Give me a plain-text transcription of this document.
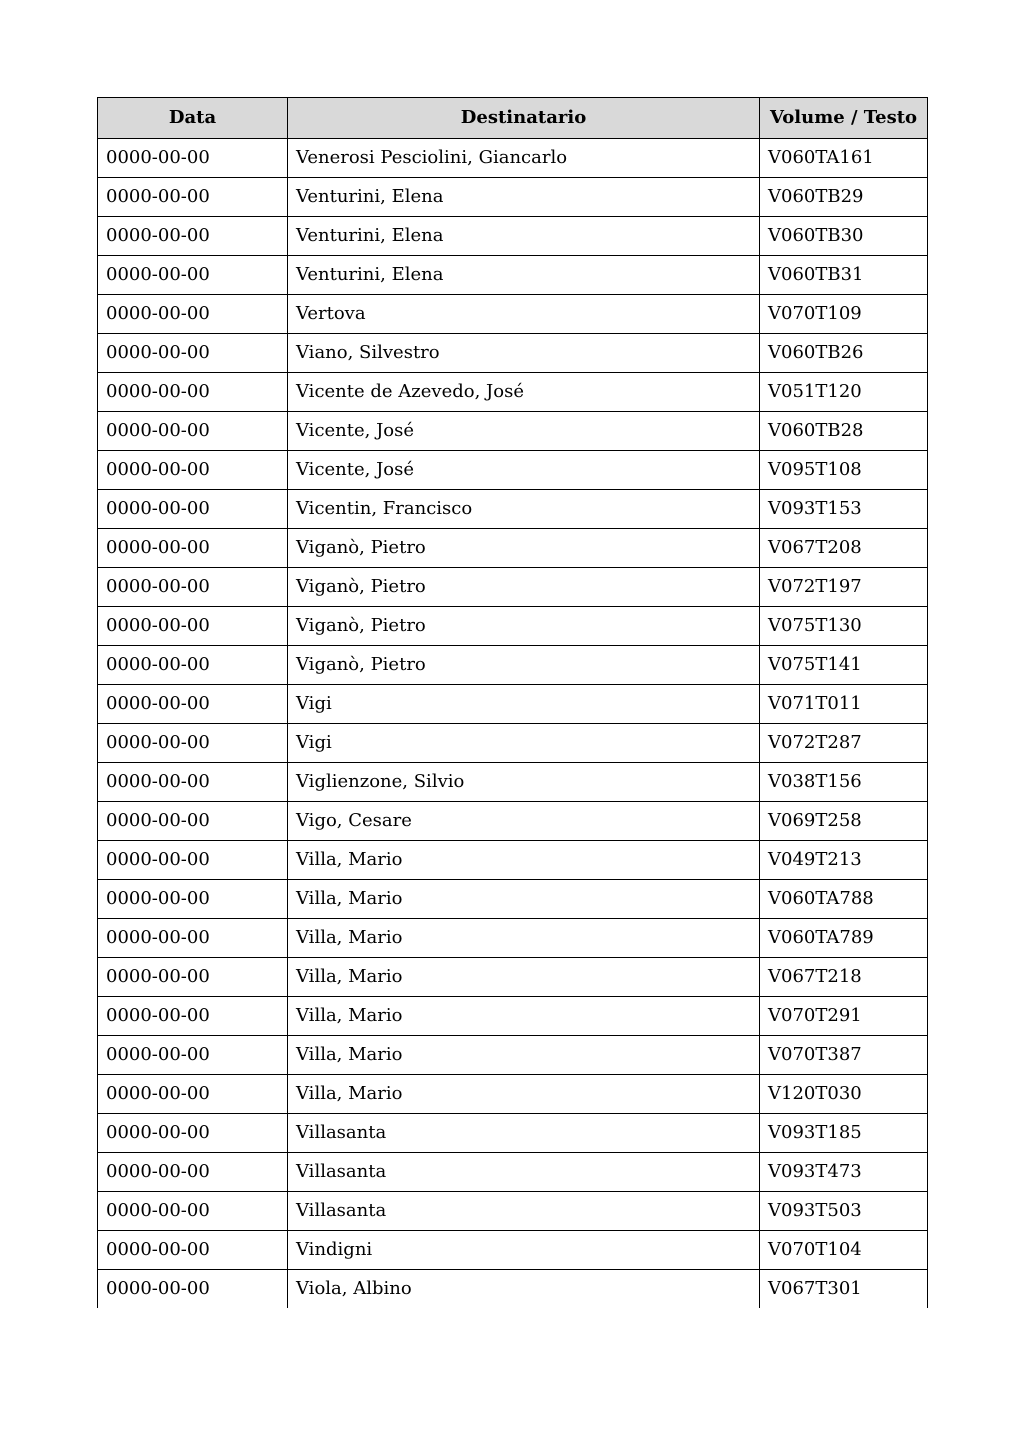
Data	Destinatario	Volume / Testo
0000-00-00	Venerosi Pesciolini, Giancarlo	V060TA161
0000-00-00	Venturini, Elena	V060TB29
0000-00-00	Venturini, Elena	V060TB30
0000-00-00	Venturini, Elena	V060TB31
0000-00-00	Vertova	V070T109
0000-00-00	Viano, Silvestro	V060TB26
0000-00-00	Vicente de Azevedo, José	V051T120
0000-00-00	Vicente, José	V060TB28
0000-00-00	Vicente, José	V095T108
0000-00-00	Vicentin, Francisco	V093T153
0000-00-00	Viganò, Pietro	V067T208
0000-00-00	Viganò, Pietro	V072T197
0000-00-00	Viganò, Pietro	V075T130
0000-00-00	Viganò, Pietro	V075T141
0000-00-00	Vigi	V071T011
0000-00-00	Vigi	V072T287
0000-00-00	Viglienzone, Silvio	V038T156
0000-00-00	Vigo, Cesare	V069T258
0000-00-00	Villa, Mario	V049T213
0000-00-00	Villa, Mario	V060TA788
0000-00-00	Villa, Mario	V060TA789
0000-00-00	Villa, Mario	V067T218
0000-00-00	Villa, Mario	V070T291
0000-00-00	Villa, Mario	V070T387
0000-00-00	Villa, Mario	V120T030
0000-00-00	Villasanta	V093T185
0000-00-00	Villasanta	V093T473
0000-00-00	Villasanta	V093T503
0000-00-00	Vindigni	V070T104
0000-00-00	Viola, Albino	V067T301
